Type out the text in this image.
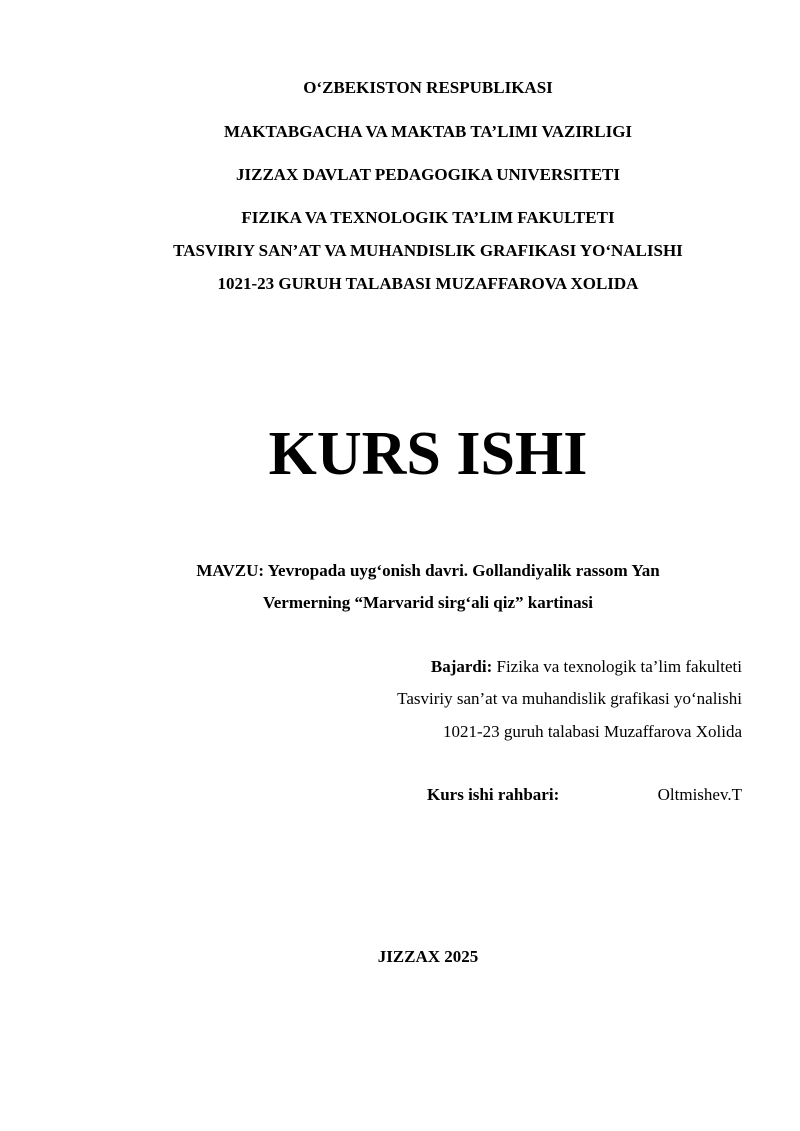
O‘ZBEKISTON RESPUBLIKASI
MAKTABGACHA VA MAKTAB TA’LIMI VAZIRLIGI
JIZZAX DAVLAT PEDAGOGIKA UNIVERSITETI
FIZIKA VA TEXNOLOGIK TA’LIM FAKULTETI
TASVIRIY SAN’AT VA MUHANDISLIK GRAFIKASI YO‘NALISHI
1021-23 GURUH TALABASI MUZAFFAROVA XOLIDA
KURS ISHI
MAVZU: Yevropada uyg‘onish davri. Gollandiyalik rassom Yan
Vermerning “Marvarid sirg‘ali qiz” kartinasi
Bajardi: Fizika va texnologik ta’lim fakulteti
Tasviriy san’at va muhandislik grafikasi yo‘nalishi
1021-23 guruh talabasi Muzaffarova Xolida
Kurs ishi rahbari:	Oltmishev.T
JIZZAX 2025
